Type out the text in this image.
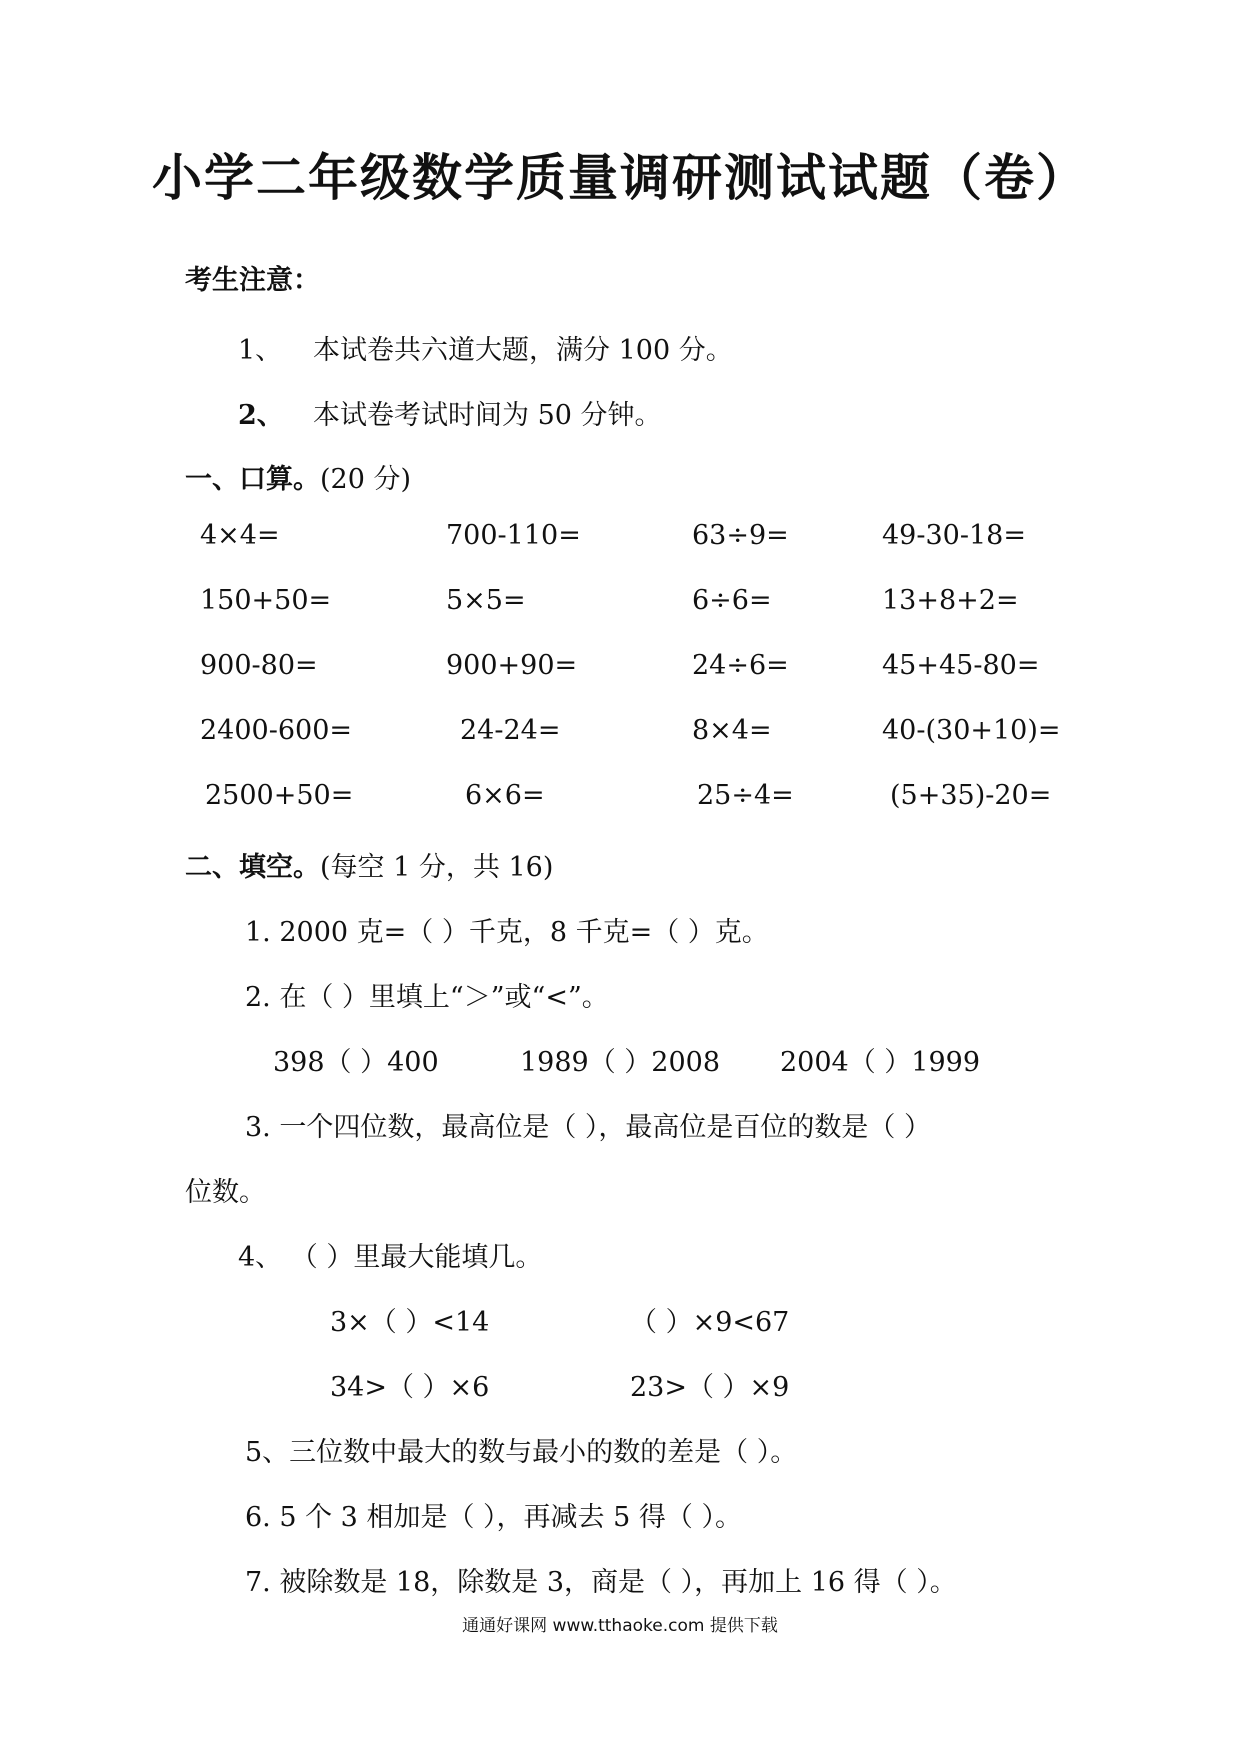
小学二年级数学质量调研测试试题（卷）
考生注意：
1、 本试卷共六道大题，满分 100 分。
2、 本试卷考试时间为 50 分钟。
一、口算。(20 分)
4×4=	700-110=	63÷9=	49-30-18=
150+50=	5×5=	6÷6=	13+8+2=
900-80=	900+90=	24÷6=	45+45-80=
2400-600=	24-24=	8×4=	40-(30+10)=
2500+50=	6×6=	25÷4=	(5+35)-20=
二、填空。(每空 1 分，共 16)
1. 2000 克=（ ）千克，8 千克=（ ）克。
2. 在（ ）里填上“＞”或“<”。
398（ ）400	1989（ ）2008 2004（ ）1999
3. 一个四位数，最高位是（ ），最高位是百位的数是（ ）
位数。
4、 （ ）里最大能填几。
3×（ ）<14	（ ）×9<67
34>（ ）×6	23>（ ）×9
5、三位数中最大的数与最小的数的差是（ ）。
6. 5 个 3 相加是（ ），再减去 5 得（ ）。
7. 被除数是 18，除数是 3，商是（ ），再加上 16 得（ ）。
通通好课网 www.tthaoke.com 提供下载
